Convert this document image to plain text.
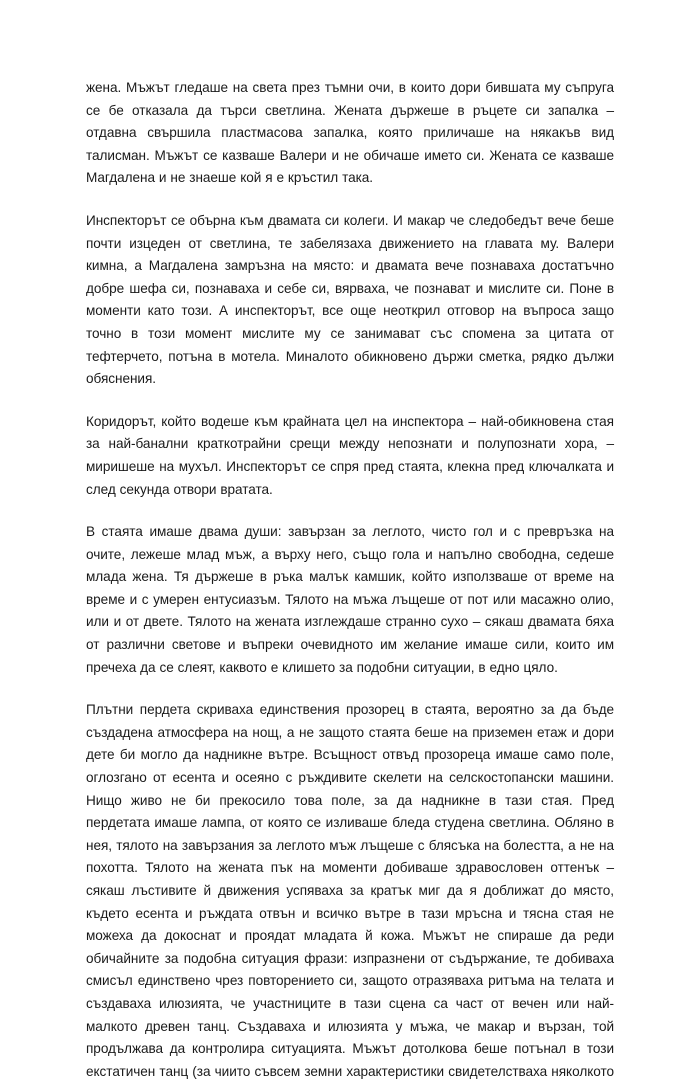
жена. Мъжът гледаше на света през тъмни очи, в които дори бившата му съпруга се бе отказала да търси светлина. Жената държеше в ръцете си запалка – отдавна свършила пластмасова запалка, която приличаше на някакъв вид талисман. Мъжът се казваше Валери и не обичаше името си. Жената се казваше Магдалена и не знаеше кой я е кръстил така.

Инспекторът се обърна към двамата си колеги. И макар че следобедът вече беше почти изцеден от светлина, те забелязаха движението на главата му. Валери кимна, а Магдалена замръзна на място: и двамата вече познаваха достатъчно добре шефа си, познаваха и себе си, вярваха, че познават и мислите си. Поне в моменти като този. А инспекторът, все още неоткрил отговор на въпроса защо точно в този момент мислите му се занимават със спомена за цитата от тефтерчето, потъна в мотела. Миналото обикновено държи сметка, рядко дължи обяснения.

Коридорът, който водеше към крайната цел на инспектора – най-обикновена стая за най-банални краткотрайни срещи между непознати и полупознати хора, – миришеше на мухъл. Инспекторът се спря пред стаята, клекна пред ключалката и след секунда отвори вратата.

В стаята имаше двама души: завързан за леглото, чисто гол и с превръзка на очите, лежеше млад мъж, а върху него, също гола и напълно свободна, седеше млада жена. Тя държеше в ръка малък камшик, който използваше от време на време и с умерен ентусиазъм. Тялото на мъжа лъщеше от пот или масажно олио, или и от двете. Тялото на жената изглеждаше странно сухо – сякаш двамата бяха от различни светове и въпреки очевидното им желание имаше сили, които им пречеха да се слеят, каквото е клишето за подобни ситуации, в едно цяло.

Плътни пердета скриваха единствения прозорец в стаята, вероятно за да бъде създадена атмосфера на нощ, а не защото стаята беше на приземен етаж и дори дете би могло да надникне вътре. Всъщност отвъд прозореца имаше само поле, оглозгано от есента и осеяно с ръждивите скелети на селскостопански машини. Нищо живо не би прекосило това поле, за да надникне в тази стая. Пред пердетата имаше лампа, от която се изливаше бледа студена светлина. Обляно в нея, тялото на завързания за леглото мъж лъщеше с блясъка на болестта, а не на похотта. Тялото на жената пък на моменти добиваше здравословен оттенък – сякаш лъстивите й движения успяваха за кратък миг да я доближат до място, където есента и ръждата отвън и всичко вътре в тази мръсна и тясна стая не можеха да докоснат и проядат младата й кожа. Мъжът не спираше да реди обичайните за подобна ситуация фрази: изпразнени от съдържание, те добиваха смисъл единствено чрез повторението си, защото отразяваха ритъма на телата и създаваха илюзията, че участниците в тази сцена са част от вечен или най-малкото древен танц. Създаваха и илюзията у мъжа, че макар и вързан, той продължава да контролира ситуацията. Мъжът дотолкова беше потънал в този екстатичен танц (за чиито съвсем земни характеристики свидетелстваха няколкото
